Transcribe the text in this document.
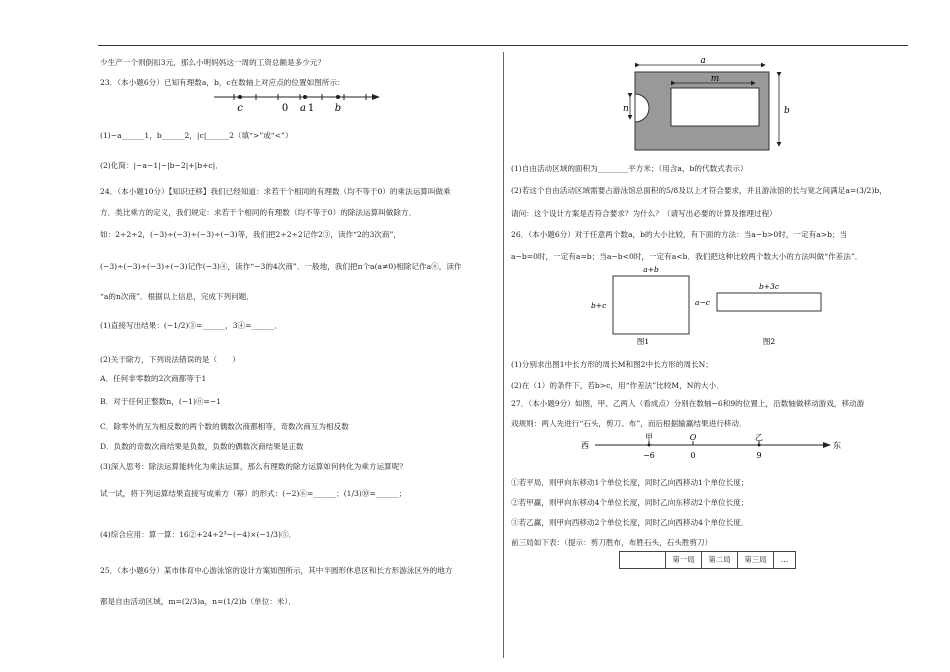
少生产一个则倒扣3元，那么小明妈妈这一周的工资总额是多少元？
23．（本小题6分）已知有理数a，b，c在数轴上对应点的位置如图所示：
c	0 a 1 b
(1)−a______1，b______2，|c|______2（填“>”或“<”）
(2)化简：|−a−1|−|b−2|+|b+c|．
24．（本小题10分）【知识迁移】我们已经知道：求若干个相同的有理数（均不等于0）的乘法运算叫做乘
方．类比乘方的定义，我们规定：求若干个相同的有理数（均不等于0）的除法运算叫做除方．
如：2÷2÷2，(−3)÷(−3)÷(−3)÷(−3)等，我们把2÷2÷2记作2③，读作“2的3次商”，
(−3)÷(−3)÷(−3)÷(−3)记作(−3)④，读作“−3的4次商”．一般地，我们把n个a(a≠0)相除记作aⓝ，读作
“a的n次商”．根据以上信息，完成下列问题．
(1)直接写出结果：(−1/2)③=______，3④=______．
(2)关于除方，下列说法错误的是（　　）
A．任何非零数的2次商都等于1
B．对于任何正整数n，(−1)ⓝ=−1
C．除零外的互为相反数的两个数的偶数次商都相等，奇数次商互为相反数
D．负数的奇数次商结果是负数，负数的偶数次商结果是正数
(3)深入思考：除法运算能转化为乘法运算，那么有理数的除方运算如何转化为乘方运算呢？
试一试，将下列运算结果直接写成乘方（幂）的形式：(−2)⑥=______；(1/3)⑩=______；
(4)综合应用：算一算：16②+24÷2³−(−4)×(−1/3)⑤．
25．（本小题6分）某市体育中心游泳馆的设计方案如图所示，其中半圆形休息区和长方形游泳区外的地方
都是自由活动区域，m=(2/3)a，n=(1/2)b（单位：米）．
a
m
b
n
(1)自由活动区域的面积为________平方米；（用含a，b的代数式表示）
(2)若这个自由活动区域需要占游泳馆总面积的5/8及以上才符合要求，并且游泳馆的长与宽之间满足a=(3/2)b，
请问：这个设计方案是否符合要求？为什么？（请写出必要的计算及推理过程）
26．（本小题6分）对于任意两个数a，b的大小比较，有下面的方法：当a−b>0时，一定有a>b；当
a−b=0时，一定有a=b；当a−b<0时，一定有a<b．我们把这种比较两个数大小的方法叫做“作差法”．
a+b
b+c
图1
b+3c
a−c
图2
(1)分别求出图1中长方形的周长M和图2中长方形的周长N；
(2)在（1）的条件下，若b>c，用“作差法”比较M，N的大小．
27．（本小题9分）如图，甲、乙两人（看成点）分别在数轴−6和9的位置上，沿数轴做移动游戏，移动游
戏规则：两人先进行“石头，剪刀、布”，而后根据输赢结果进行移动．
西	东
甲	O	乙
−6	0	9
①若平局，则甲向东移动1个单位长度，同时乙向西移动1个单位长度；
②若甲赢，则甲向东移动4个单位长度，同时乙向东移动2个单位长度；
③若乙赢，则甲向西移动2个单位长度，同时乙向西移动4个单位长度．
前三局如下表：（提示：剪刀胜布，布胜石头，石头胜剪刀）
	第一局	第二局	第三局	…
